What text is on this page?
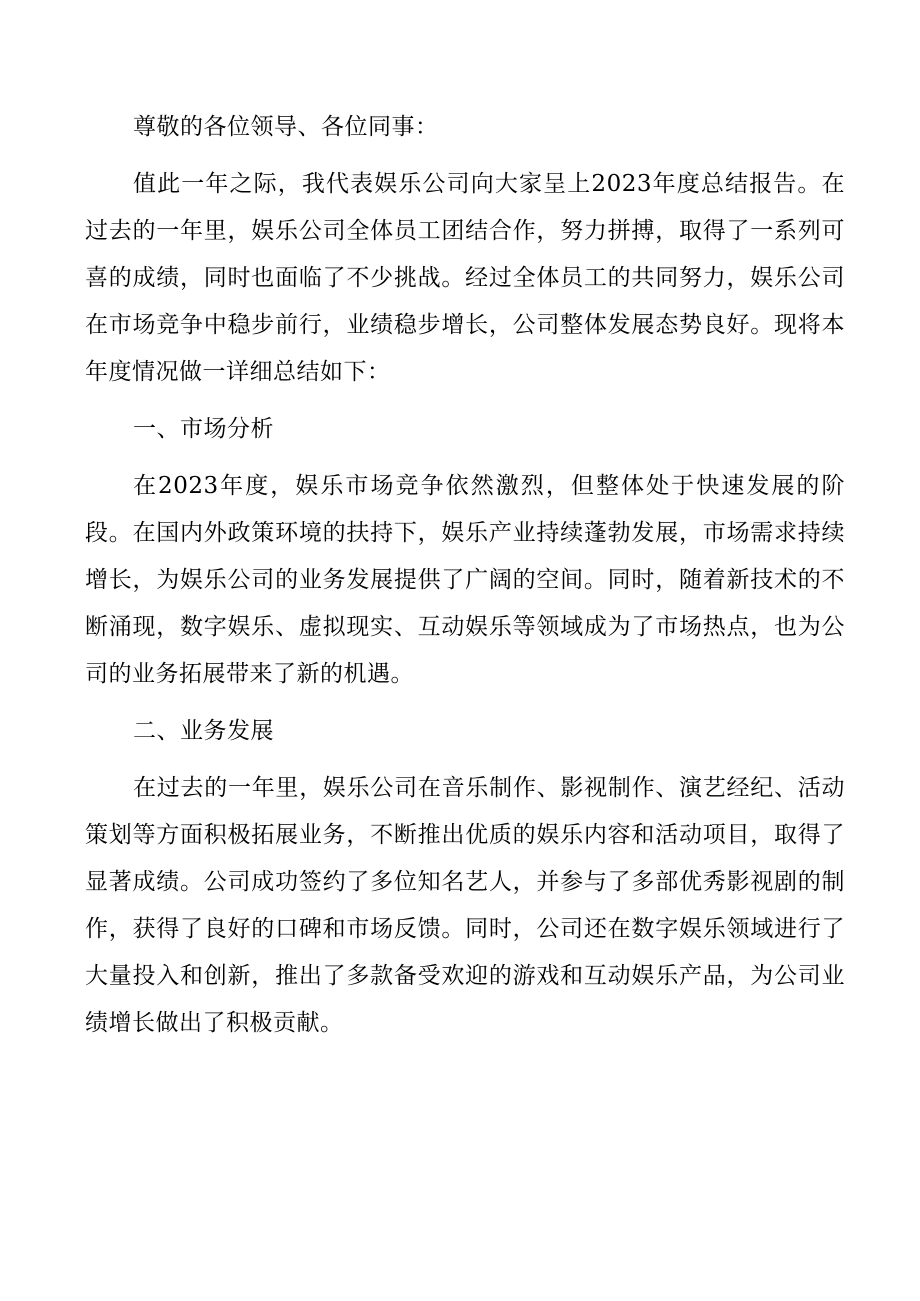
尊敬的各位领导、各位同事：

值此一年之际，我代表娱乐公司向大家呈上2023年度总结报告。在过去的一年里，娱乐公司全体员工团结合作，努力拼搏，取得了一系列可喜的成绩，同时也面临了不少挑战。经过全体员工的共同努力，娱乐公司在市场竞争中稳步前行，业绩稳步增长，公司整体发展态势良好。现将本年度情况做一详细总结如下：

一、市场分析

在2023年度，娱乐市场竞争依然激烈，但整体处于快速发展的阶段。在国内外政策环境的扶持下，娱乐产业持续蓬勃发展，市场需求持续增长，为娱乐公司的业务发展提供了广阔的空间。同时，随着新技术的不断涌现，数字娱乐、虚拟现实、互动娱乐等领域成为了市场热点，也为公司的业务拓展带来了新的机遇。

二、业务发展

在过去的一年里，娱乐公司在音乐制作、影视制作、演艺经纪、活动策划等方面积极拓展业务，不断推出优质的娱乐内容和活动项目，取得了显著成绩。公司成功签约了多位知名艺人，并参与了多部优秀影视剧的制作，获得了良好的口碑和市场反馈。同时，公司还在数字娱乐领域进行了大量投入和创新，推出了多款备受欢迎的游戏和互动娱乐产品，为公司业绩增长做出了积极贡献。
